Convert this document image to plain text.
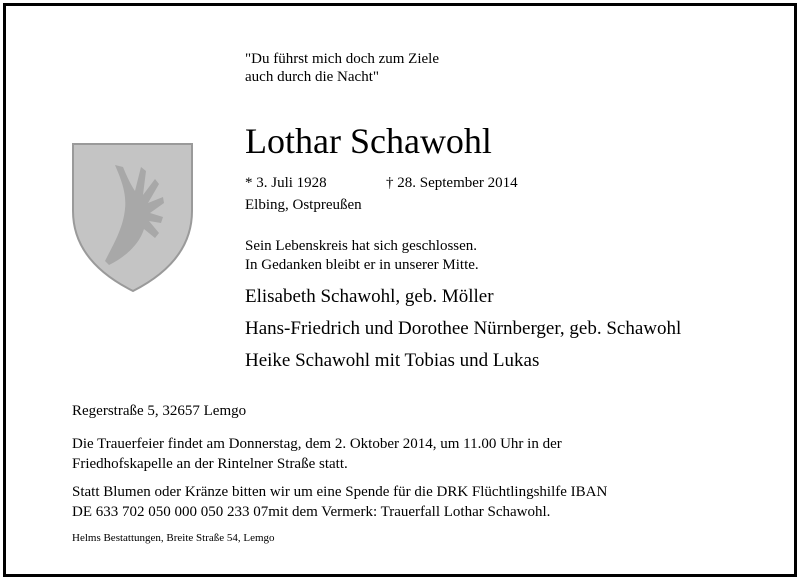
"Du führst mich doch zum Ziele
auch durch die Nacht"

Lothar Schawohl

* 3. Juli 1928	† 28. September 2014

Elbing, Ostpreußen

Sein Lebenskreis hat sich geschlossen.
In Gedanken bleibt er in unserer Mitte.

Elisabeth Schawohl, geb. Möller

Hans-Friedrich und Dorothee Nürnberger, geb. Schawohl

Heike Schawohl mit Tobias und Lukas

Regerstraße 5, 32657 Lemgo

Die Trauerfeier findet am Donnerstag, dem 2. Oktober 2014, um 11.00 Uhr in der
Friedhofskapelle an der Rintelner Straße statt.

Statt Blumen oder Kränze bitten wir um eine Spende für die DRK Flüchtlingshilfe IBAN
DE 633 702 050 000 050 233 07mit dem Vermerk: Trauerfall Lothar Schawohl.

Helms Bestattungen, Breite Straße 54, Lemgo
